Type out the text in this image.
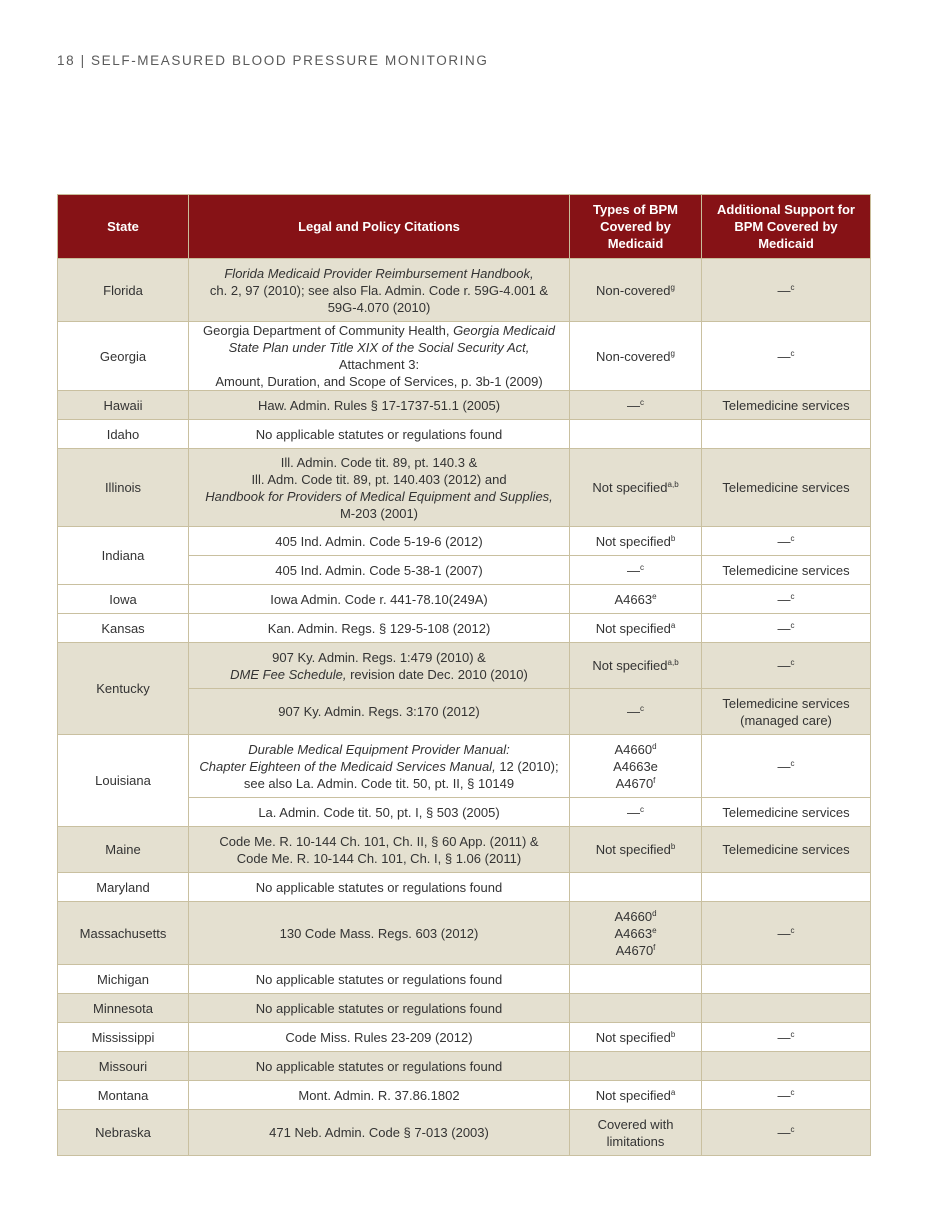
18 | SELF-MEASURED BLOOD PRESSURE MONITORING
State	Legal and Policy Citations	Types of BPM Covered by Medicaid	Additional Support for BPM Covered by Medicaid
Florida	Florida Medicaid Provider Reimbursement Handbook,
ch. 2, 97 (2010); see also Fla. Admin. Code r. 59G-4.001 &
59G-4.070 (2010)	Non-covered$^g$	—$^c$
Georgia	Georgia Department of Community Health, Georgia Medicaid
State Plan under Title XIX of the Social Security Act, Attachment 3:
Amount, Duration, and Scope of Services, p. 3b-1 (2009)	Non-covered$^g$	—$^c$
Hawaii	Haw. Admin. Rules § 17-1737-51.1 (2005)	—$^c$	Telemedicine services
Idaho	No applicable statutes or regulations found		
Illinois	Ill. Admin. Code tit. 89, pt. 140.3 &
Ill. Adm. Code tit. 89, pt. 140.403 (2012) and
Handbook for Providers of Medical Equipment and Supplies,
M-203 (2001)	Not specified$^{a,b}$	Telemedicine services
Indiana	405 Ind. Admin. Code 5-19-6 (2012)	Not specified$^b$	—$^c$
	405 Ind. Admin. Code 5-38-1 (2007)	—$^c$	Telemedicine services
Iowa	Iowa Admin. Code r. 441-78.10(249A)	A4663e	—$^c$
Kansas	Kan. Admin. Regs. § 129-5-108 (2012)	Not specified$^a$	—$^c$
Kentucky	907 Ky. Admin. Regs. 1:479 (2010) &
DME Fee Schedule, revision date Dec. 2010 (2010)	Not specified$^{a,b}$	—$^c$
	907 Ky. Admin. Regs. 3:170 (2012)	—$^c$	Telemedicine services
(managed care)
Louisiana	Durable Medical Equipment Provider Manual:
Chapter Eighteen of the Medicaid Services Manual, 12 (2010);
see also La. Admin. Code tit. 50, pt. II, § 10149	A4660$^d$
A4663e
A4670$^f$	—$^c$
	La. Admin. Code tit. 50, pt. I, § 503 (2005)	—$^c$	Telemedicine services
Maine	Code Me. R. 10-144 Ch. 101, Ch. II, § 60 App. (2011) &
Code Me. R. 10-144 Ch. 101, Ch. I, § 1.06 (2011)	Not specified$^b$	Telemedicine services
Maryland	No applicable statutes or regulations found		
Massachusetts	130 Code Mass. Regs. 603 (2012)	A4660$^d$
A4663e
A4670$^f$	—$^c$
Michigan	No applicable statutes or regulations found		
Minnesota	No applicable statutes or regulations found		
Mississippi	Code Miss. Rules 23-209 (2012)	Not specified$^b$	—$^c$
Missouri	No applicable statutes or regulations found		
Montana	Mont. Admin. R. 37.86.1802	Not specified$^a$	—$^c$
Nebraska	471 Neb. Admin. Code § 7-013 (2003)	Covered with
limitations	—$^c$
